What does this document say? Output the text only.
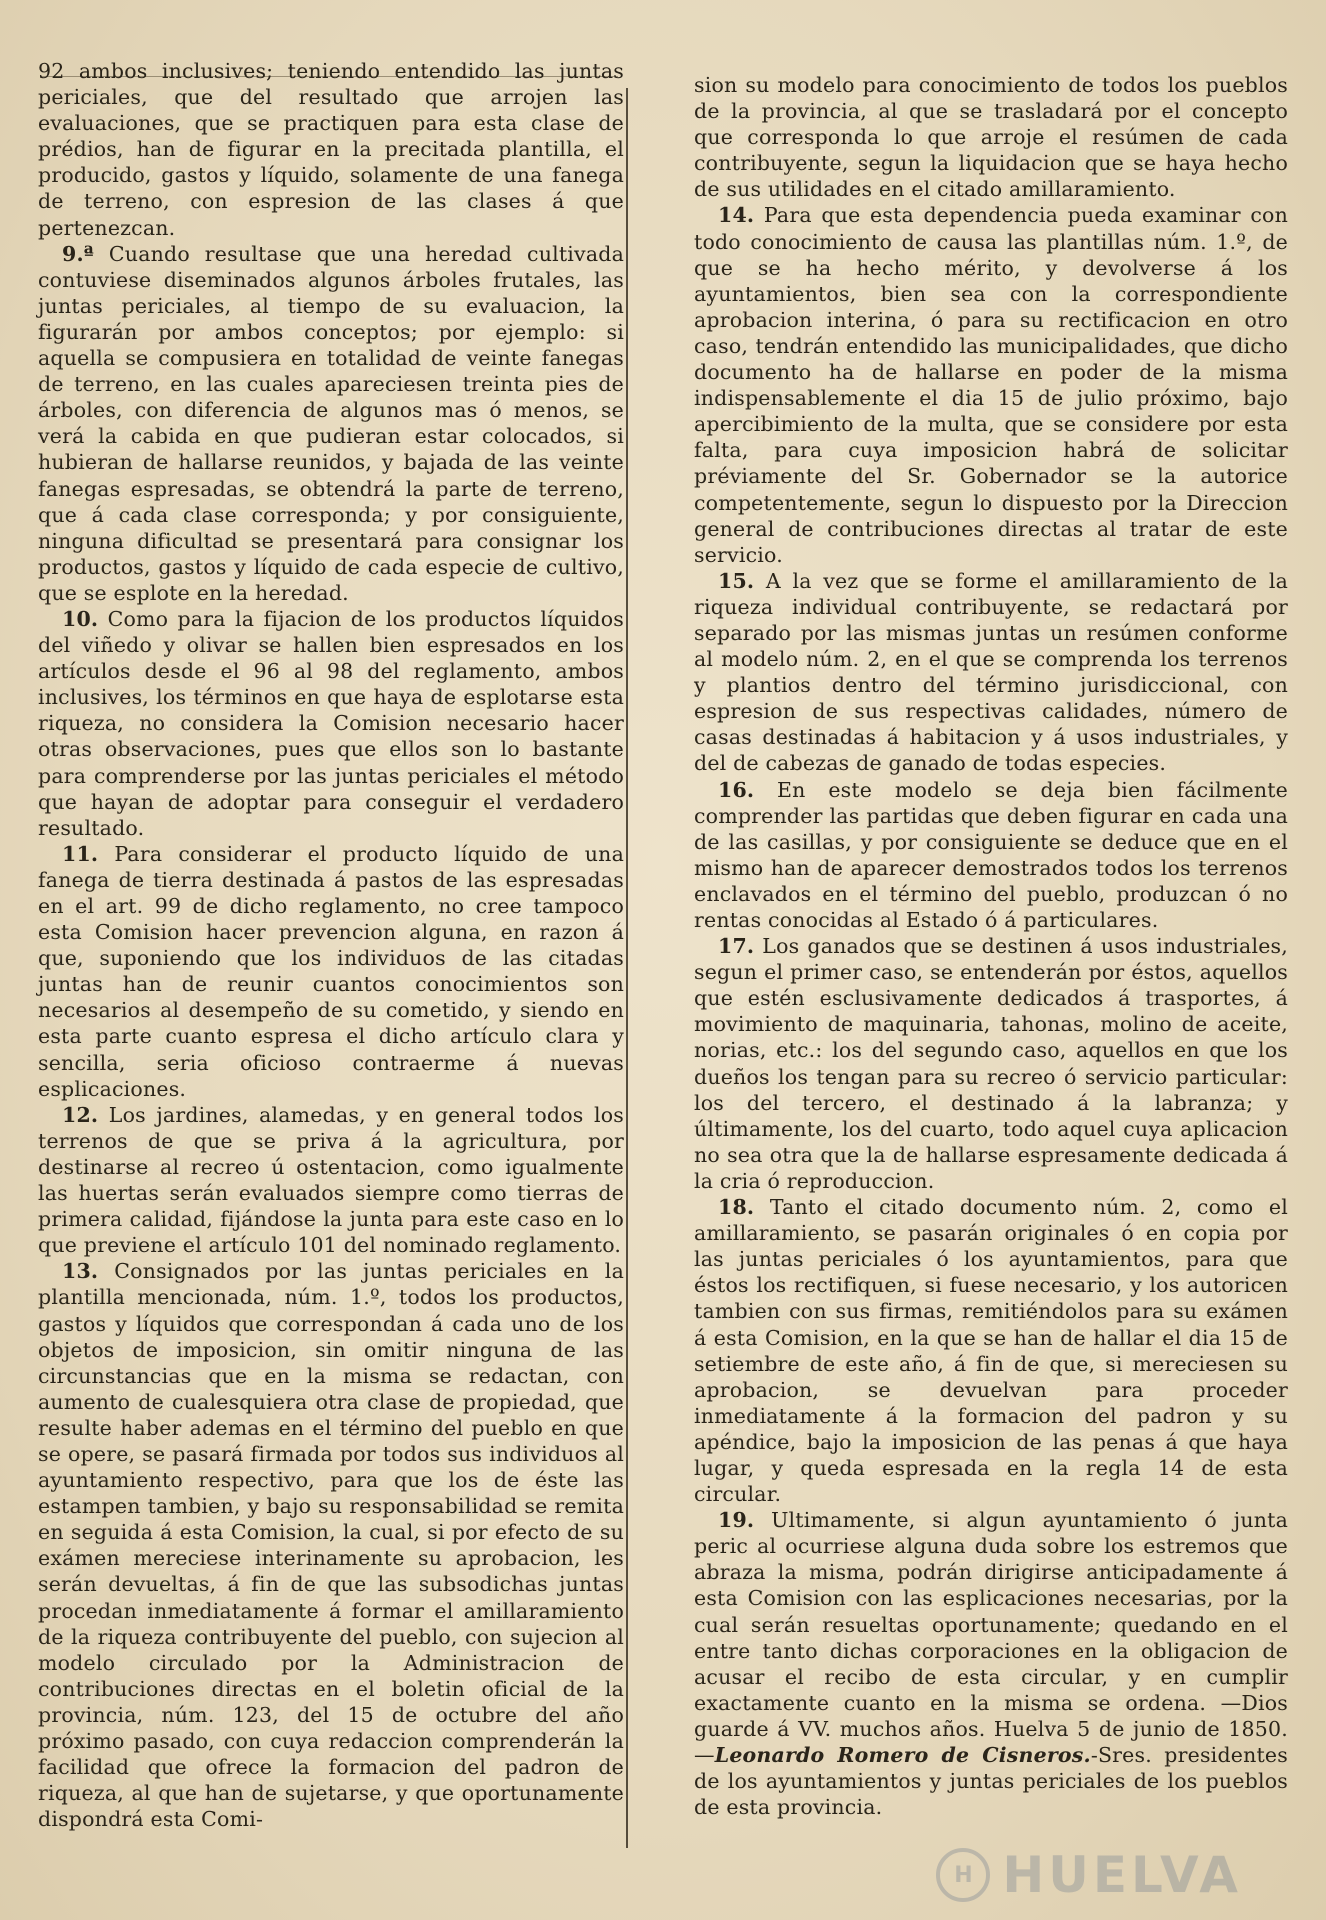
92 ambos inclusives; teniendo entendido las juntas periciales, que del resultado que arrojen las evaluaciones, que se practiquen para esta clase de prédios, han de figurar en la precitada plantilla, el producido, gastos y líquido, solamente de una fanega de terreno, con espresion de las clases á que pertenezcan.

9.ª Cuando resultase que una heredad cultivada contuviese diseminados algunos árboles frutales, las juntas periciales, al tiempo de su evaluacion, la figurarán por ambos conceptos; por ejemplo: si aquella se compusiera en totalidad de veinte fanegas de terreno, en las cuales apareciesen treinta pies de árboles, con diferencia de algunos mas ó menos, se verá la cabida en que pudieran estar colocados, si hubieran de hallarse reunidos, y bajada de las veinte fanegas espresadas, se obtendrá la parte de terreno, que á cada clase corresponda; y por consiguiente, ninguna dificultad se presentará para consignar los productos, gastos y líquido de cada especie de cultivo, que se esplote en la heredad.

10. Como para la fijacion de los productos líquidos del viñedo y olivar se hallen bien espresados en los artículos desde el 96 al 98 del reglamento, ambos inclusives, los términos en que haya de esplotarse esta riqueza, no considera la Comision necesario hacer otras observaciones, pues que ellos son lo bastante para comprenderse por las juntas periciales el método que hayan de adoptar para conseguir el verdadero resultado.

11. Para considerar el producto líquido de una fanega de tierra destinada á pastos de las espresadas en el art. 99 de dicho reglamento, no cree tampoco esta Comision hacer prevencion alguna, en razon á que, suponiendo que los individuos de las citadas juntas han de reunir cuantos conocimientos son necesarios al desempeño de su cometido, y siendo en esta parte cuanto espresa el dicho artículo clara y sencilla, seria oficioso contraerme á nuevas esplicaciones.

12. Los jardines, alamedas, y en general todos los terrenos de que se priva á la agricultura, por destinarse al recreo ú ostentacion, como igualmente las huertas serán evaluados siempre como tierras de primera calidad, fijándose la junta para este caso en lo que previene el artículo 101 del nominado reglamento.

13. Consignados por las juntas periciales en la plantilla mencionada, núm. 1.º, todos los productos, gastos y líquidos que correspondan á cada uno de los objetos de imposicion, sin omitir ninguna de las circunstancias que en la misma se redactan, con aumento de cualesquiera otra clase de propiedad, que resulte haber ademas en el término del pueblo en que se opere, se pasará firmada por todos sus individuos al ayuntamiento respectivo, para que los de éste las estampen tambien, y bajo su responsabilidad se remita en seguida á esta Comision, la cual, si por efecto de su exámen mereciese interinamente su aprobacion, les serán devueltas, á fin de que las subsodichas juntas procedan inmediatamente á formar el amillaramiento de la riqueza contribuyente del pueblo, con sujecion al modelo circulado por la Administracion de contribuciones directas en el boletin oficial de la provincia, núm. 123, del 15 de octubre del año próximo pasado, con cuya redaccion comprenderán la facilidad que ofrece la formacion del padron de riqueza, al que han de sujetarse, y que oportunamente dispondrá esta Comi-

sion su modelo para conocimiento de todos los pueblos de la provincia, al que se trasladará por el concepto que corresponda lo que arroje el resúmen de cada contribuyente, segun la liquidacion que se haya hecho de sus utilidades en el citado amillaramiento.

14. Para que esta dependencia pueda examinar con todo conocimiento de causa las plantillas núm. 1.º, de que se ha hecho mérito, y devolverse á los ayuntamientos, bien sea con la correspondiente aprobacion interina, ó para su rectificacion en otro caso, tendrán entendido las municipalidades, que dicho documento ha de hallarse en poder de la misma indispensablemente el dia 15 de julio próximo, bajo apercibimiento de la multa, que se considere por esta falta, para cuya imposicion habrá de solicitar préviamente del Sr. Gobernador se la autorice competentemente, segun lo dispuesto por la Direccion general de contribuciones directas al tratar de este servicio.

15. A la vez que se forme el amillaramiento de la riqueza individual contribuyente, se redactará por separado por las mismas juntas un resúmen conforme al modelo núm. 2, en el que se comprenda los terrenos y plantios dentro del término jurisdiccional, con espresion de sus respectivas calidades, número de casas destinadas á habitacion y á usos industriales, y del de cabezas de ganado de todas especies.

16. En este modelo se deja bien fácilmente comprender las partidas que deben figurar en cada una de las casillas, y por consiguiente se deduce que en el mismo han de aparecer demostrados todos los terrenos enclavados en el término del pueblo, produzcan ó no rentas conocidas al Estado ó á particulares.

17. Los ganados que se destinen á usos industriales, segun el primer caso, se entenderán por éstos, aquellos que estén esclusivamente dedicados á trasportes, á movimiento de maquinaria, tahonas, molino de aceite, norias, etc.: los del segundo caso, aquellos en que los dueños los tengan para su recreo ó servicio particular: los del tercero, el destinado á la labranza; y últimamente, los del cuarto, todo aquel cuya aplicacion no sea otra que la de hallarse espresamente dedicada á la cria ó reproduccion.

18. Tanto el citado documento núm. 2, como el amillaramiento, se pasarán originales ó en copia por las juntas periciales ó los ayuntamientos, para que éstos los rectifiquen, si fuese necesario, y los autoricen tambien con sus firmas, remitiéndolos para su exámen á esta Comision, en la que se han de hallar el dia 15 de setiembre de este año, á fin de que, si mereciesen su aprobacion, se devuelvan para proceder inmediatamente á la formacion del padron y su apéndice, bajo la imposicion de las penas á que haya lugar, y queda espresada en la regla 14 de esta circular.

19. Ultimamente, si algun ayuntamiento ó junta peric al ocurriese alguna duda sobre los estremos que abraza la misma, podrán dirigirse anticipadamente á esta Comision con las esplicaciones necesarias, por la cual serán resueltas oportunamente; quedando en el entre tanto dichas corporaciones en la obligacion de acusar el recibo de esta circular, y en cumplir exactamente cuanto en la misma se ordena. —Dios guarde á VV. muchos años. Huelva 5 de junio de 1850.—Leonardo Romero de Cisneros.-Sres. presidentes de los ayuntamientos y juntas periciales de los pueblos de esta provincia.

H HUELVA
